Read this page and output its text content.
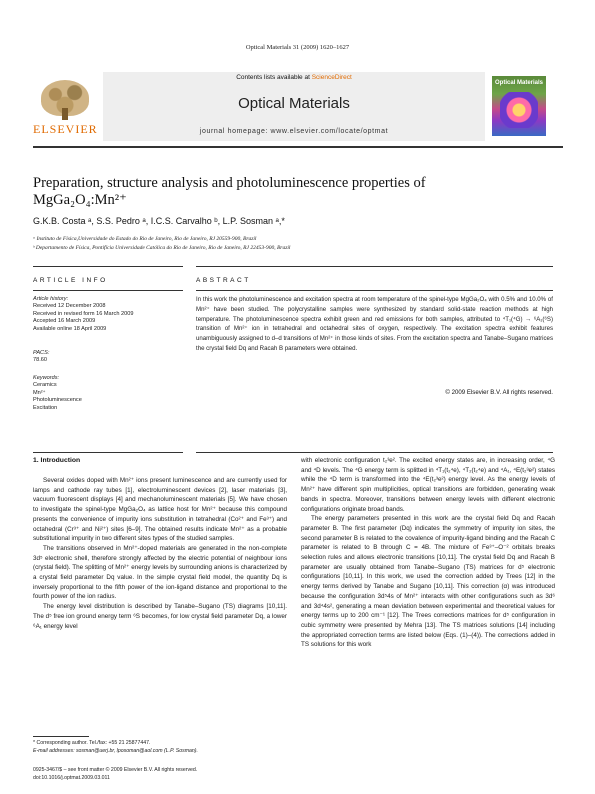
Optical Materials 31 (2009) 1620–1627
ELSEVIER
Contents lists available at ScienceDirect
Optical Materials
journal homepage: www.elsevier.com/locate/optmat
Optical Materials
Preparation, structure analysis and photoluminescence properties of MgGa₂O₄:Mn²⁺
G.K.B. Costa ᵃ, S.S. Pedro ᵃ, I.C.S. Carvalho ᵇ, L.P. Sosman ᵃ,*
ᵃ Instituto de Física,Universidade do Estado do Rio de Janeiro, Rio de Janeiro, RJ 20559-900, Brazil
ᵇ Departamento de Física, Pontifícia Universidade Católica do Rio de Janeiro, Rio de Janeiro, RJ 22453-900, Brazil
ARTICLE INFO	ABSTRACT
Article history:
Received 12 December 2008
Received in revised form 16 March 2009
Accepted 16 March 2009
Available online 18 April 2009
PACS:
78.60
Keywords:
Ceramics
Mn²⁺
Photoluminescence
Excitation
In this work the photoluminescence and excitation spectra at room temperature of the spinel-type MgGa₂O₄ with 0.5% and 10.0% of Mn²⁺ have been studied. The polycrystalline samples were synthesized by standard solid-state reaction methods at high temperature. The photoluminescence spectra exhibit green and red emissions for both samples, attributed to ⁴T₁(⁴G) → ⁶A₁(⁶S) transition of Mn²⁺ ion in tetrahedral and octahedral sites of oxygen, respectively. The excitation spectra exhibit features unambiguously assigned to d–d transitions of Mn²⁺ in those kinds of sites. From the excitation spectra and Tanabe–Sugano matrices the crystal field Dq and Racah B parameters were obtained.
© 2009 Elsevier B.V. All rights reserved.
1. Introduction

Several oxides doped with Mn²⁺ ions present luminescence and are currently used for lamps and cathode ray tubes [1], electroluminescent devices [2], laser materials [3], vacuum fluorescent displays [4] and mechanoluminescent materials [5]. We have chosen to investigate the spinel-type MgGa₂O₄ as lattice host for Mn²⁺ because this compound presents the convenience of impurity ions substitution in tetrahedral (Co²⁺ and Fe³⁺) and octahedral (Cr³⁺ and Ni²⁺) sites [6–9]. The obtained results indicate Mn²⁺ as a probable substitutional impurity in two different sites types of the studied samples.

The transitions observed in Mn²⁺-doped materials are generated in the non-complete 3d⁵ electronic shell, therefore strongly affected by the electric potential of neighbour ions (crystal field). The splitting of Mn²⁺ energy levels by surrounding anions is characterized by a crystal field parameter Dq value. In the simple crystal field model, the quantity Dq is inversely proportional to the fifth power of the ion-ligand distance and proportional to the fourth power of the ion radius.

The energy level distribution is described by Tanabe–Sugano (TS) diagrams [10,11]. The d⁵ free ion ground energy term ⁶S becomes, for low crystal field parameter Dq, a lower ⁶A₁ energy level

with electronic configuration t₂³e². The excited energy states are, in increasing order, ⁴G and ⁴D levels. The ⁴G energy term is splitted in ⁴T₁(t₂⁴e), ⁴T₂(t₂⁴e) and ⁴A₁, ⁴E(t₂³e²) states while the ⁴D term is transformed into the ⁴E(t₂³e²) energy level. As the energy levels of Mn²⁺ have different spin multiplicities, optical transitions are forbidden, generating weak bands in spectra. Moreover, transitions between energy levels with different electronic configurations originate broad bands.

The energy parameters presented in this work are the crystal field Dq and Racah parameter B. The first parameter (Dq) indicates the symmetry of impurity ion sites, the second parameter B is related to the covalence of impurity-ligand binding and the Racah C parameter is related to B through C = 4B. The mixture of Fe³⁺–O⁻² orbitals breaks selection rules and allows electronic transitions [10,11]. The crystal field Dq and Racah B parameter are usually obtained from Tanabe–Sugano (TS) matrices for d⁵ electronic configurations [10,11]. In this work, we used the correction added by Trees [12] in the energy terms derived by Tanabe and Sugano [10,11]. This correction (α) was introduced because the configuration 3d⁵4s of Mn²⁺ interacts with other configurations such as 3d⁶ and 3d⁴4s², generating a mean deviation between experimental and theoretical values for energy terms up to 200 cm⁻¹ [12]. The Trees corrections matrices for d⁵ configuration in cubic symmetry were presented by Mehra [13]. The TS matrices solutions [14] including the appropriated correction terms are listed below (Eqs. (1)–(4)). The corrections added in TS solutions for this work

* Corresponding author. Tel./fax: +55 21 25877447.
E-mail addresses: sosman@uerj.br, lposoman@aol.com (L.P. Sosman).
0925-3467/$ – see front matter © 2009 Elsevier B.V. All rights reserved.
doi:10.1016/j.optmat.2009.03.011
